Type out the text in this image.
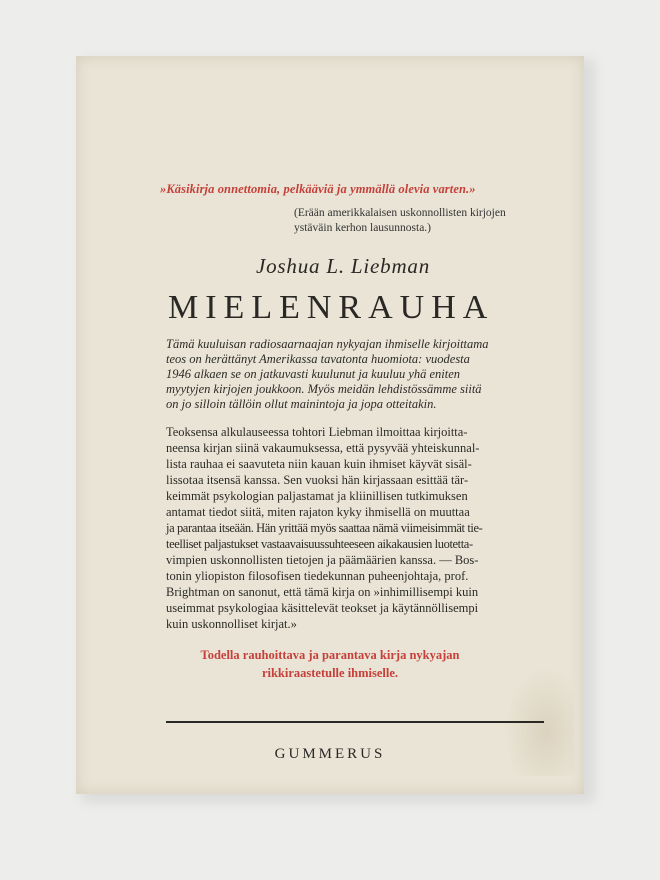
»Käsikirja onnettomia, pelkääviä ja ymmällä olevia varten.»
(Erään amerikkalaisen uskonnollisten kirjojen
ystäväin kerhon lausunnosta.)
Joshua L. Liebman
MIELENRAUHA
Tämä kuuluisan radiosaarnaajan nykyajan ihmiselle kirjoittama
teos on herättänyt Amerikassa tavatonta huomiota: vuodesta
1946 alkaen se on jatkuvasti kuulunut ja kuuluu yhä eniten
myytyjen kirjojen joukkoon. Myös meidän lehdistössämme siitä
on jo silloin tällöin ollut mainintoja ja jopa otteitakin.
Teoksensa alkulauseessa tohtori Liebman ilmoittaa kirjoitta-
neensa kirjan siinä vakaumuksessa, että pysyvää yhteiskunnal-
lista rauhaa ei saavuteta niin kauan kuin ihmiset käyvät sisäl-
lissotaa itsensä kanssa. Sen vuoksi hän kirjassaan esittää tär-
keimmät psykologian paljastamat ja kliinillisen tutkimuksen
antamat tiedot siitä, miten rajaton kyky ihmisellä on muuttaa
ja parantaa itseään. Hän yrittää myös saattaa nämä viimeisimmät tie-
teelliset paljastukset vastaavaisuussuhteeseen aikakausien luotetta-
vimpien uskonnollisten tietojen ja päämäärien kanssa. — Bos-
tonin yliopiston filosofisen tiedekunnan puheenjohtaja, prof.
Brightman on sanonut, että tämä kirja on »inhimillisempi kuin
useimmat psykologiaa käsittelevät teokset ja käytännöllisempi
kuin uskonnolliset kirjat.»
Todella rauhoittava ja parantava kirja nykyajan
rikkiraastetulle ihmiselle.
GUMMERUS
